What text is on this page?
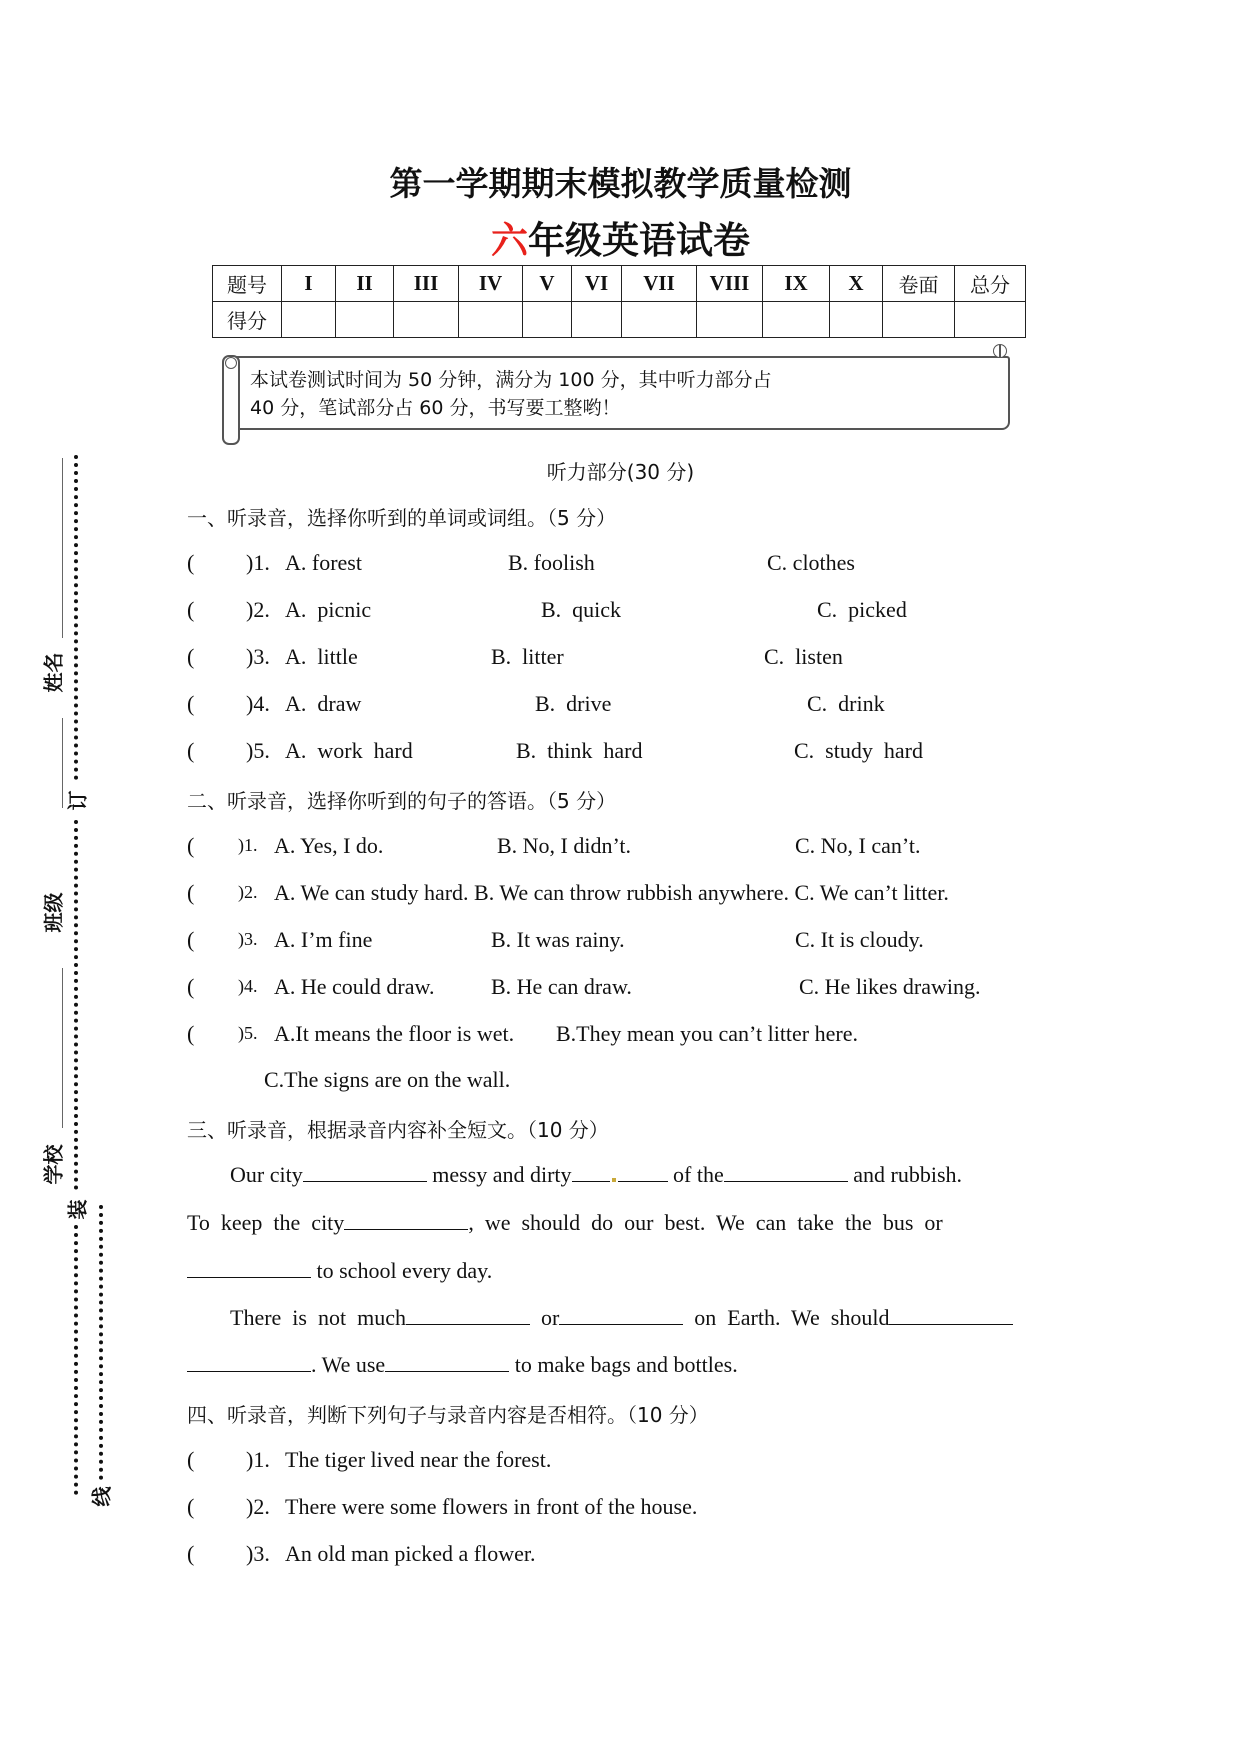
第一学期期末模拟教学质量检测
六年级英语试卷
题号	I	II	III	IV	V	VI	VII	VIII	IX	X	卷面	总分
得分												
本试卷测试时间为 50 分钟，满分为 100 分，其中听力部分占
40 分，笔试部分占 60 分，书写要工整哟！
姓名
班级
学校
订
装
线
听力部分(30 分)
一、听录音，选择你听到的单词或词组。（5 分）
( )1. A. forest	B. foolish	C. clothes
( )2. A.  picnic	B.  quick	C.  picked
( )3. A.  little	B.  litter	C.  listen
( )4. A.  draw	B.  drive	C.  drink
( )5. A.  work  hard	B.  think  hard	C.  study  hard
二、听录音，选择你听到的句子的答语。（5 分）
( )1. A. Yes, I do.	B. No, I didn’t.	C. No, I can’t.
( )2. A. We can study hard. B. We can throw rubbish anywhere. C. We can’t litter.
( )3. A. I’m fine	B. It was rainy.	C. It is cloudy.
( )4. A. He could draw.	B. He can draw.	C. He likes drawing.
( )5. A.It means the floor is wet. B.They mean you can’t litter here.
C.The signs are on the wall.
三、听录音，根据录音内容补全短文。（10 分）
Our city	messy and dirty	of the	and rubbish.
To  keep  the  city	,  we  should  do  our  best.  We  can  take  the  bus  or
to school every day.
There  is  not  much	or	on  Earth.  We  should
. We use	to make bags and bottles.
四、听录音，判断下列句子与录音内容是否相符。（10 分）
( )1. The tiger lived near the forest.
( )2. There were some flowers in front of the house.
( )3. An old man picked a flower.
